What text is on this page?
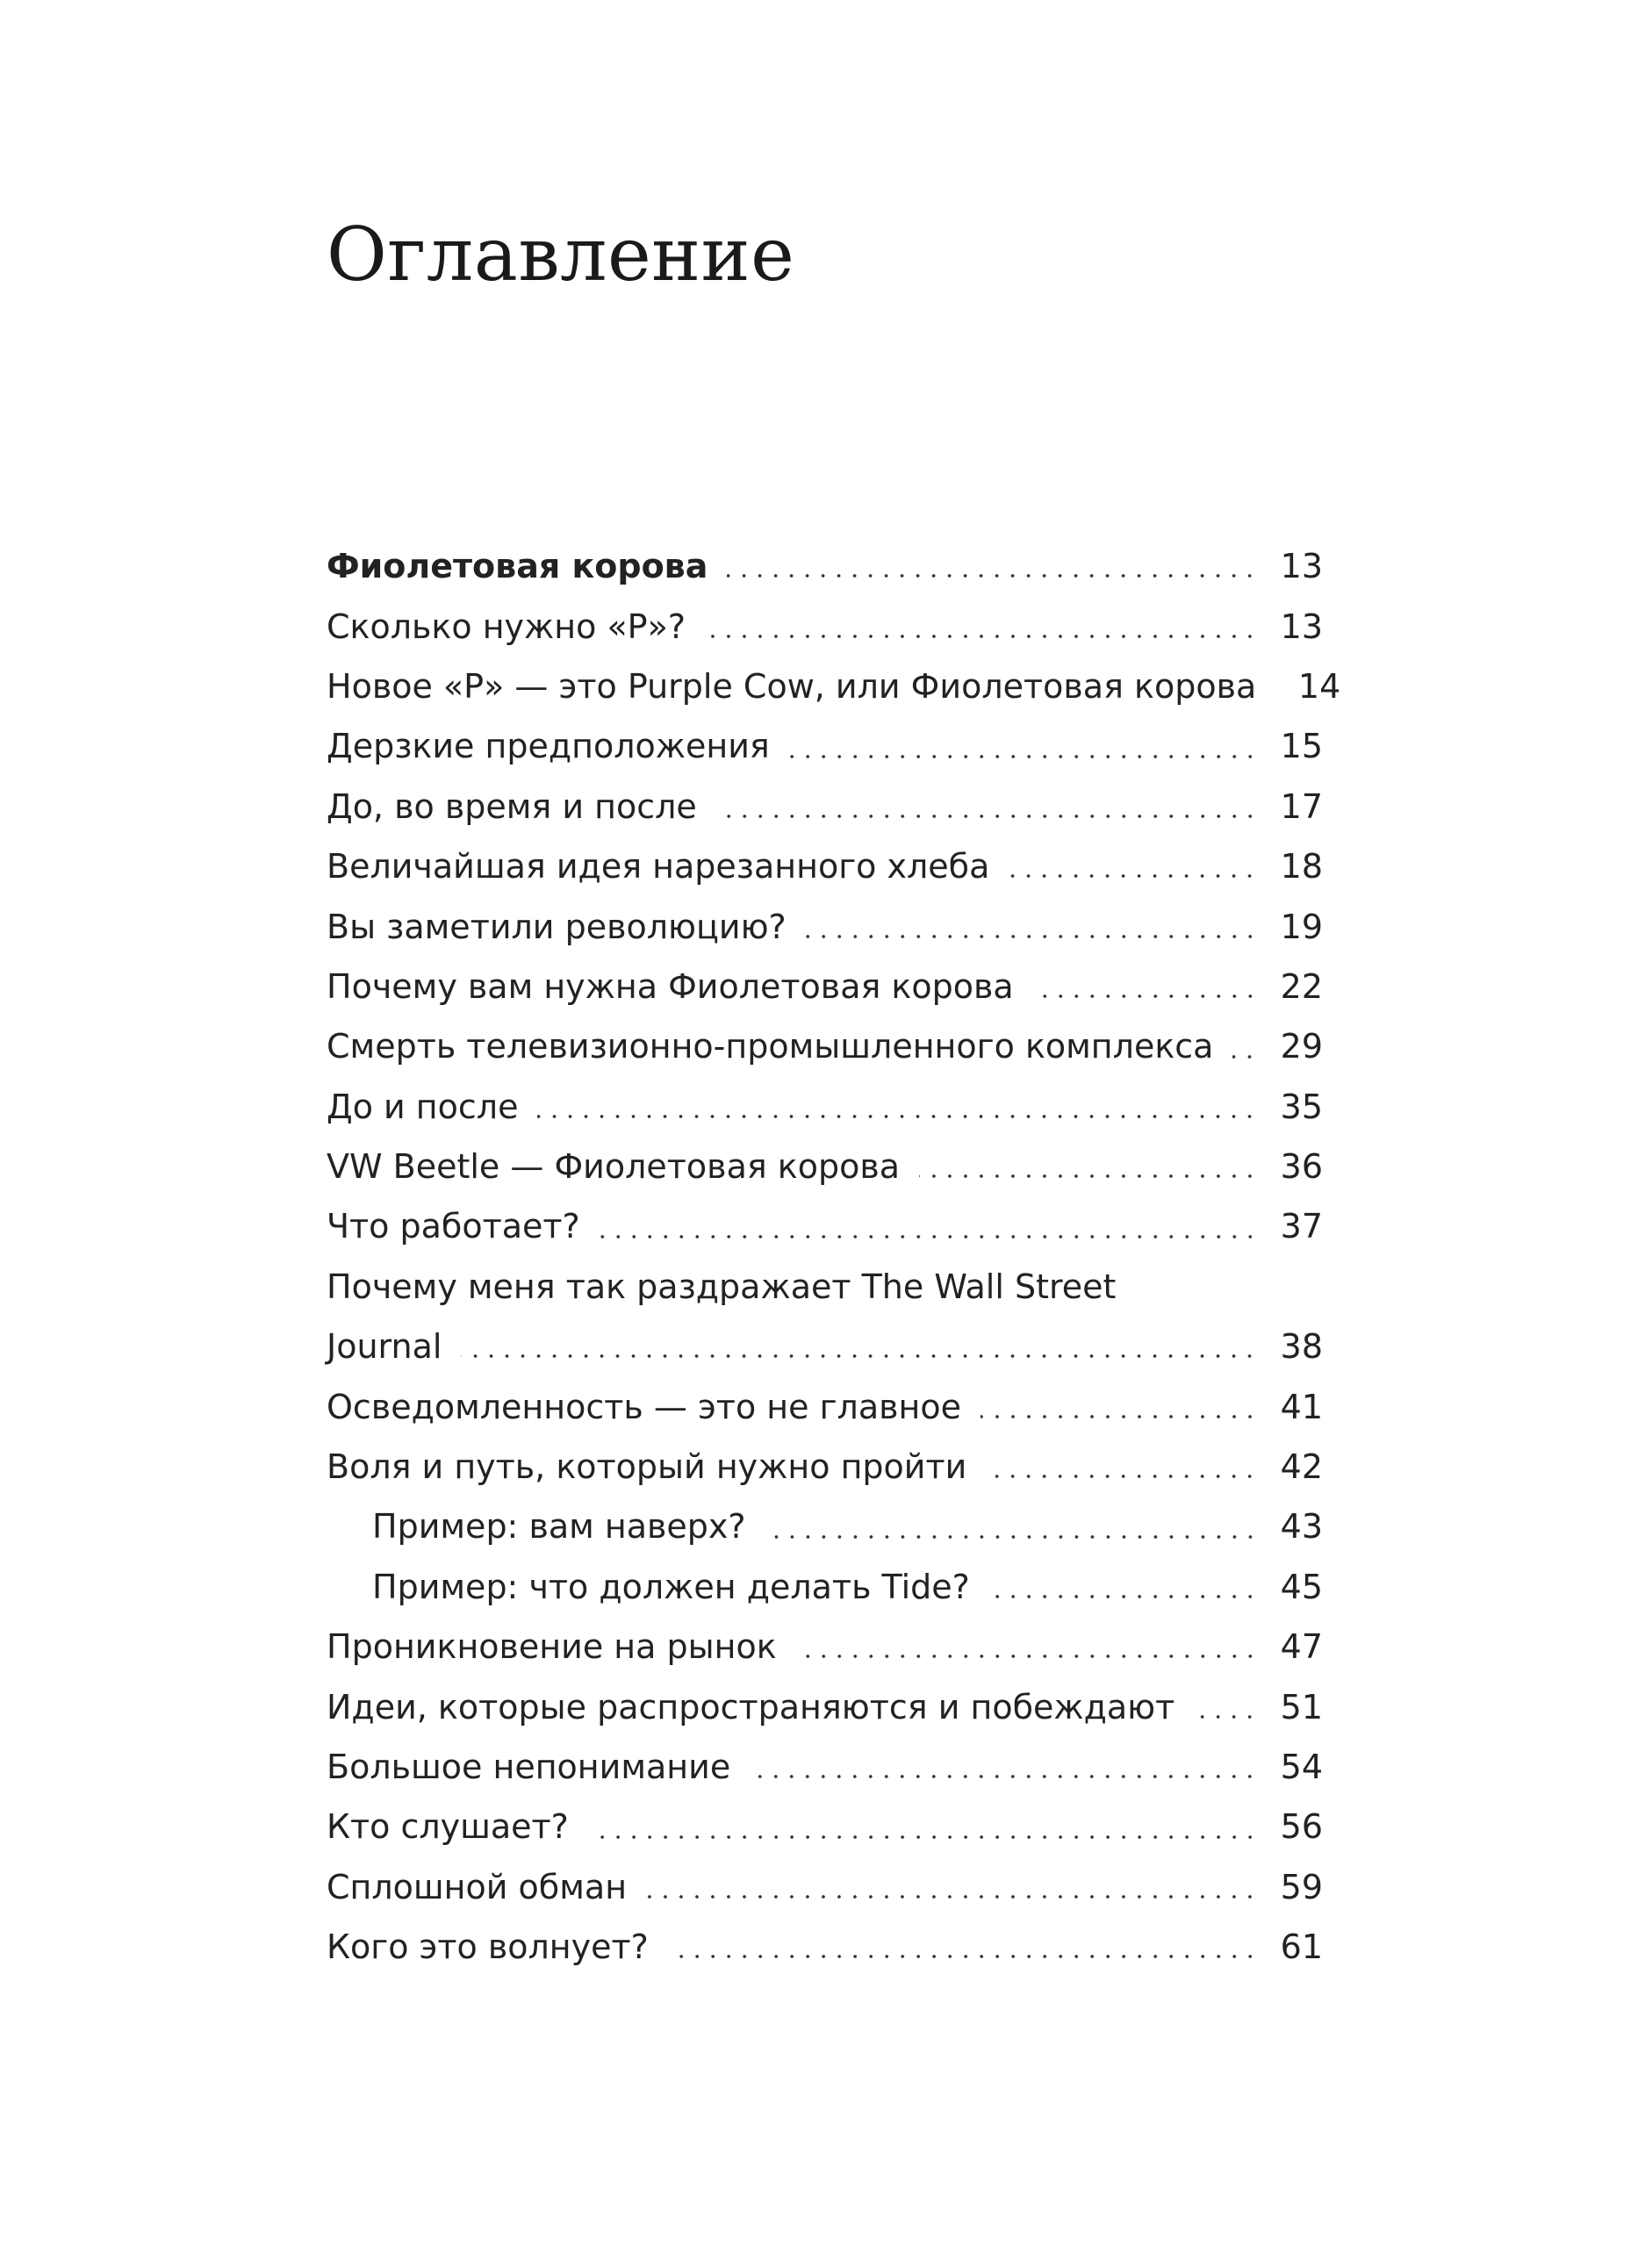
Оглавление
Фиолетовая корова	13
Сколько нужно «Р»?	13
Новое «Р» — это Purple Cow, или Фиолетовая корова 14
Дерзкие предположения	15
До, во время и после	17
Величайшая идея нарезанного хлеба	18
Вы заметили революцию?	19
Почему вам нужна Фиолетовая корова	22
Смерть телевизионно-промышленного комплекса 29
До и после	35
VW Beetle — Фиолетовая корова	36
Что работает?	37
Почему меня так раздражает The Wall Street
Journal	38
Осведомленность — это не главное	41
Воля и путь, который нужно пройти	42
Пример: вам наверх?	43
Пример: что должен делать Tide?	45
Проникновение на рынок	47
Идеи, которые распространяются и побеждают	51
Большое непонимание	54
Кто слушает?	56
Сплошной обман	59
Кого это волнует?	61
